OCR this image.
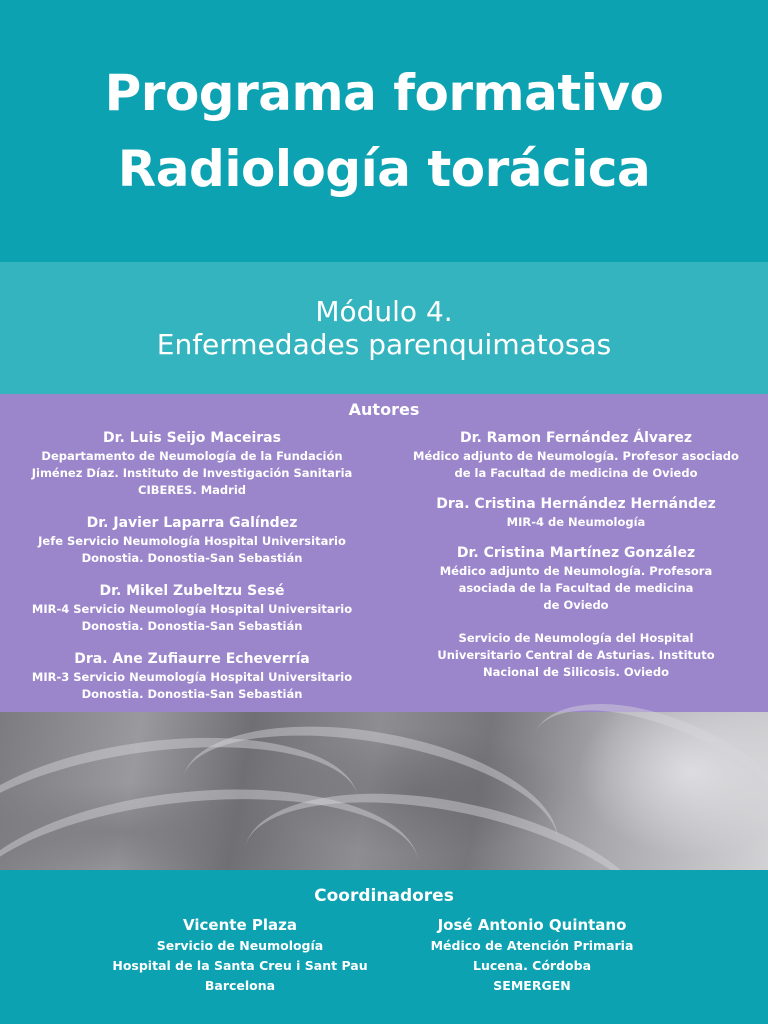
Programa formativo

Radiología torácica

Módulo 4.

Enfermedades parenquimatosas

Autores
Dr. Luis Seijo Maceiras
Departamento de Neumología de la Fundación
Jiménez Díaz. Instituto de Investigación Sanitaria
CIBERES. Madrid
Dr. Javier Laparra Galíndez
Jefe Servicio Neumología Hospital Universitario
Donostia. Donostia-San Sebastián
Dr. Mikel Zubeltzu Sesé
MIR-4 Servicio Neumología Hospital Universitario
Donostia. Donostia-San Sebastián
Dra. Ane Zufiaurre Echeverría
MIR-3 Servicio Neumología Hospital Universitario
Donostia. Donostia-San Sebastián
Dr. Ramon Fernández Álvarez
Médico adjunto de Neumología. Profesor asociado
de la Facultad de medicina de Oviedo
Dra. Cristina Hernández Hernández
MIR-4 de Neumología
Dr. Cristina Martínez González
Médico adjunto de Neumología. Profesora
asociada de la Facultad de medicina
de Oviedo
Servicio de Neumología del Hospital
Universitario Central de Asturias. Instituto
Nacional de Silicosis. Oviedo
Coordinadores
Vicente Plaza
Servicio de Neumología
Hospital de la Santa Creu i Sant Pau
Barcelona
José Antonio Quintano
Médico de Atención Primaria
Lucena. Córdoba
SEMERGEN
